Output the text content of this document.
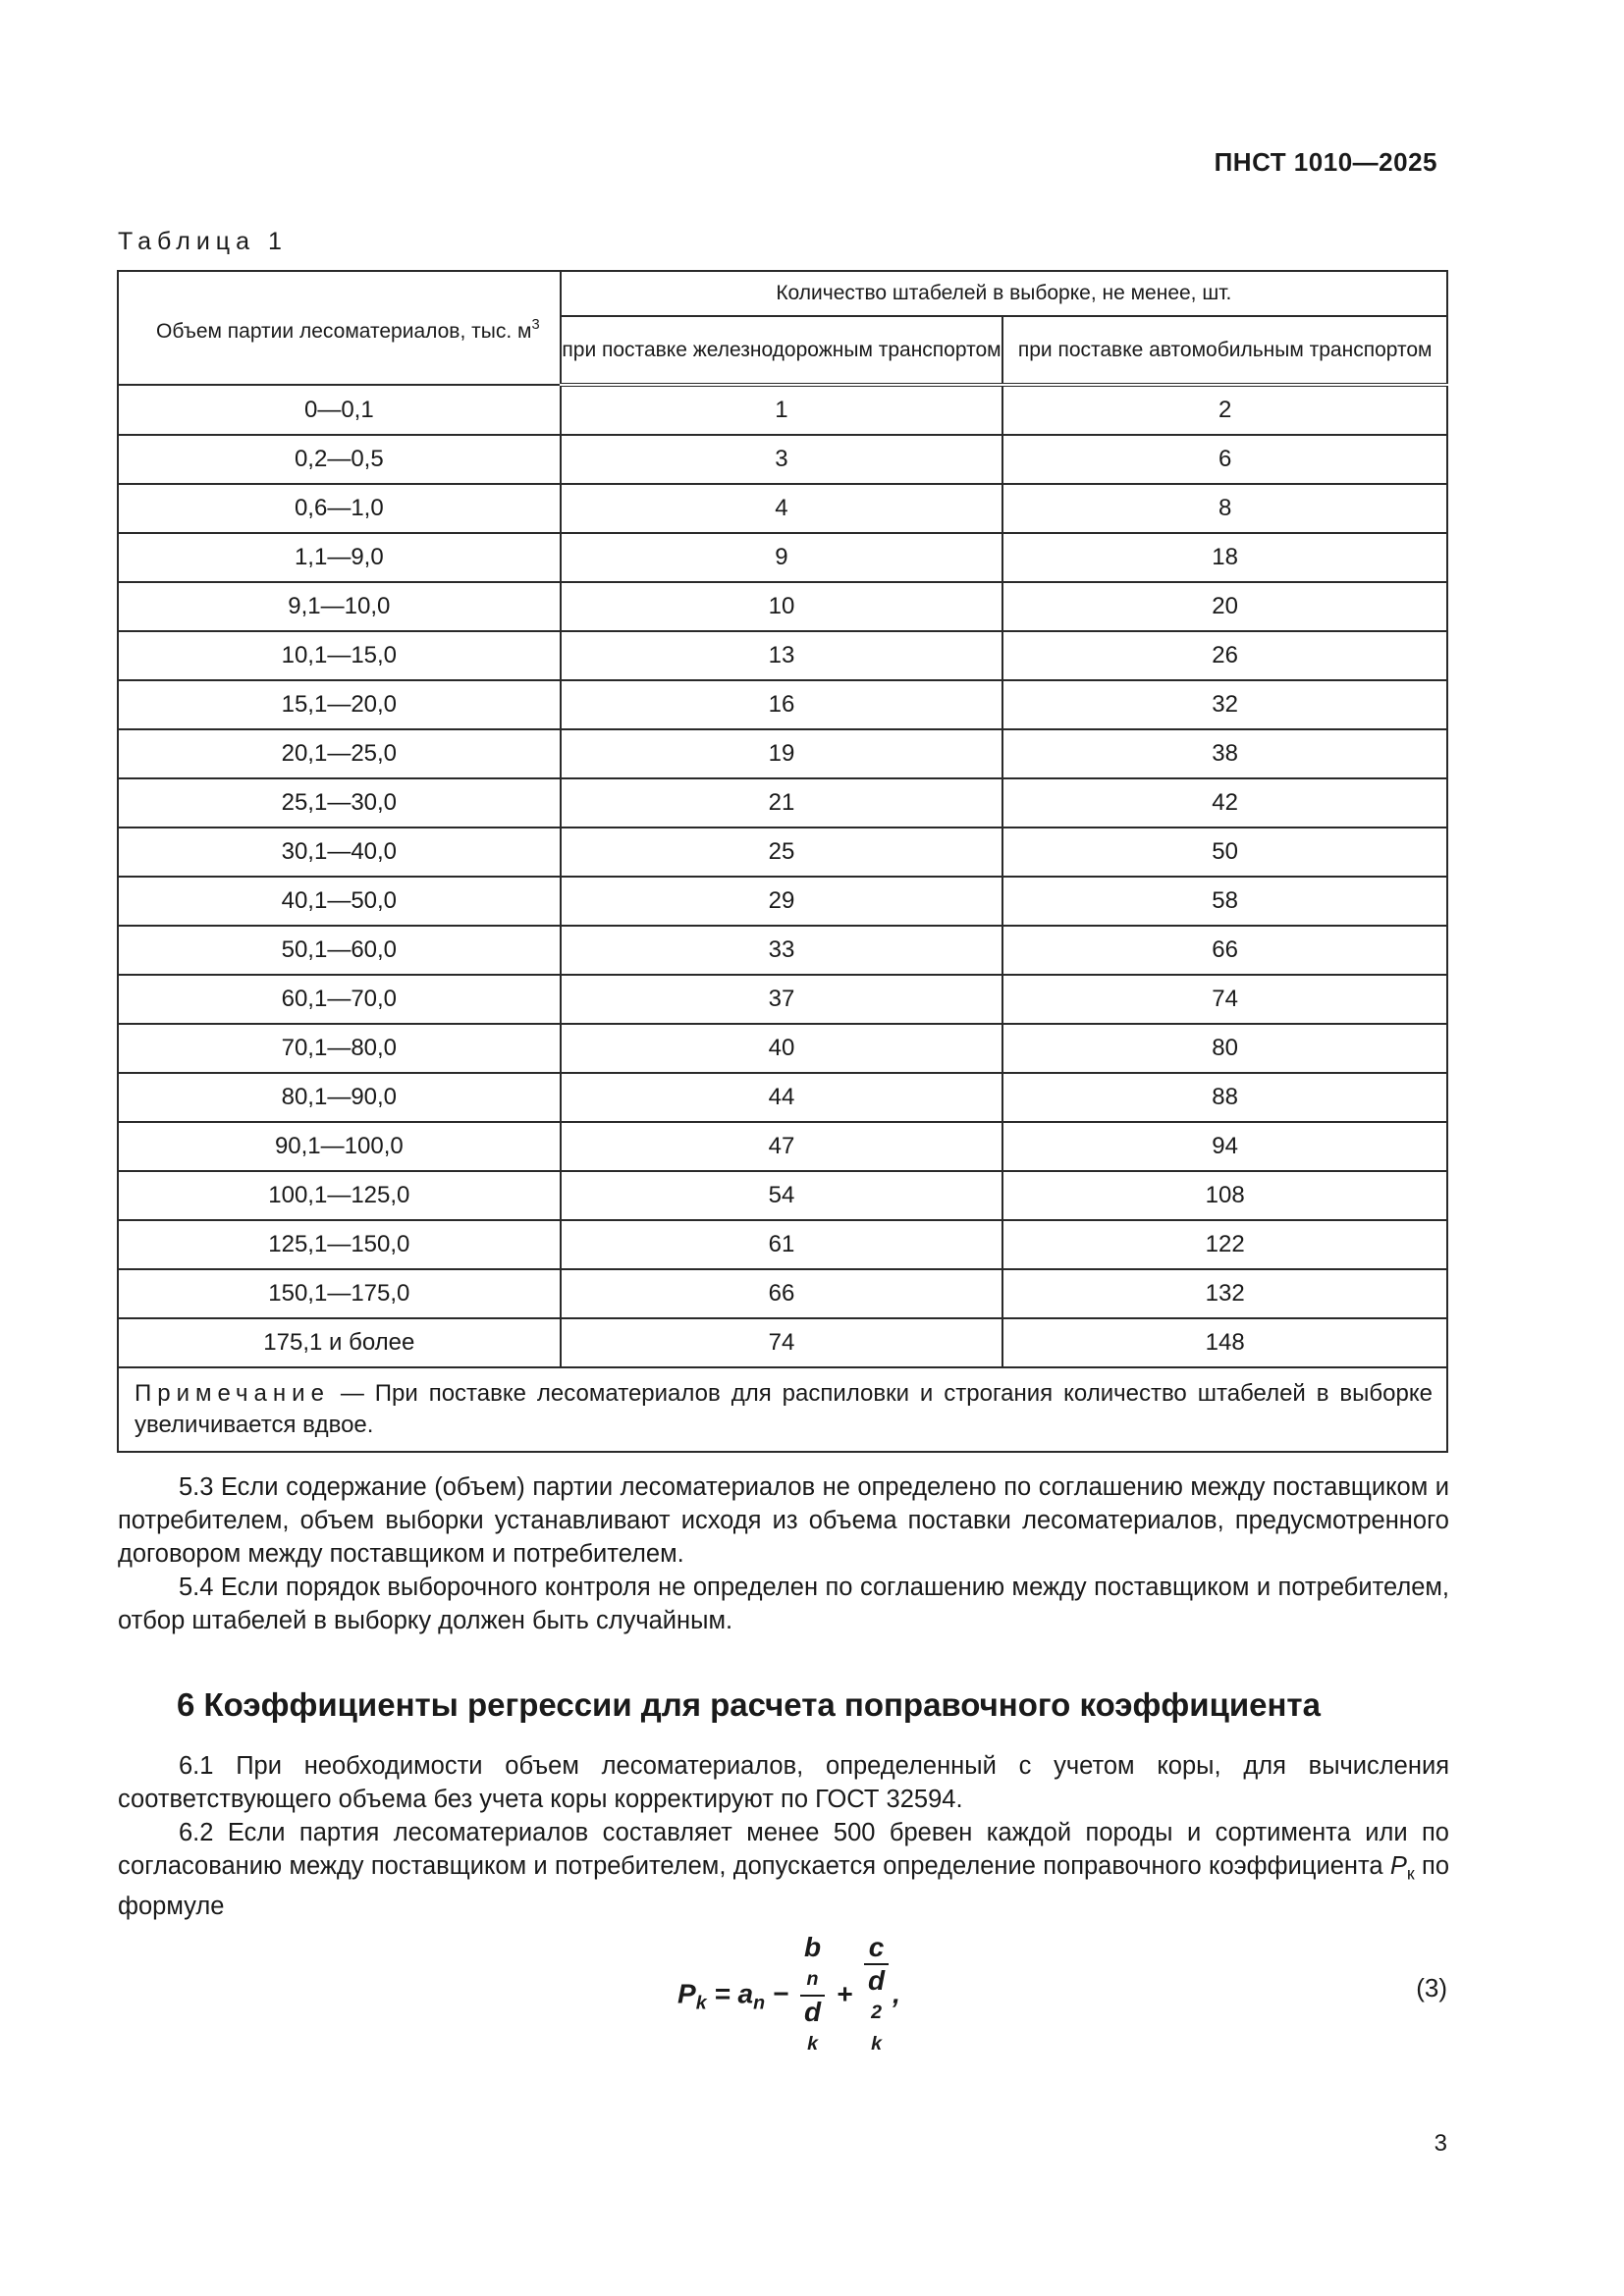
ПНСТ 1010—2025
Таблица 1
Объем партии лесоматериалов, тыс. $м^3$	Количество штабелей в выборке, не менее, шт.	
	при поставке железнодорожным транспортом	при поставке автомобильным транспортом
0—0,1	1	2
0,2—0,5	3	6
0,6—1,0	4	8
1,1—9,0	9	18
9,1—10,0	10	20
10,1—15,0	13	26
15,1—20,0	16	32
20,1—25,0	19	38
25,1—30,0	21	42
30,1—40,0	25	50
40,1—50,0	29	58
50,1—60,0	33	66
60,1—70,0	37	74
70,1—80,0	40	80
80,1—90,0	44	88
90,1—100,0	47	94
100,1—125,0	54	108
125,1—150,0	61	122
150,1—175,0	66	132
175,1 и более	74	148
Примечание — При поставке лесоматериалов для распиловки и строгания количество штабелей в выборке увеличивается вдвое.		

5.3 Если содержание (объем) партии лесоматериалов не определено по соглашению между поставщиком и потребителем, объем выборки устанавливают исходя из объема поставки лесоматериалов, предусмотренного договором между поставщиком и потребителем.

5.4 Если порядок выборочного контроля не определен по соглашению между поставщиком и потребителем, отбор штабелей в выборку должен быть случайным.

6 Коэффициенты регрессии для расчета поправочного коэффициента

6.1 При необходимости объем лесоматериалов, определенный с учетом коры, для вычисления соответствующего объема без учета коры корректируют по ГОСТ 32594.

6.2 Если партия лесоматериалов составляет менее 500 бревен каждой породы и сортимента или по согласованию между поставщиком и потребителем, допускается определение поправочного коэффициента $P_к$ по формуле

$P_k = a_n - b$
n
d
k + c
d
2
k ,	(3)
3
